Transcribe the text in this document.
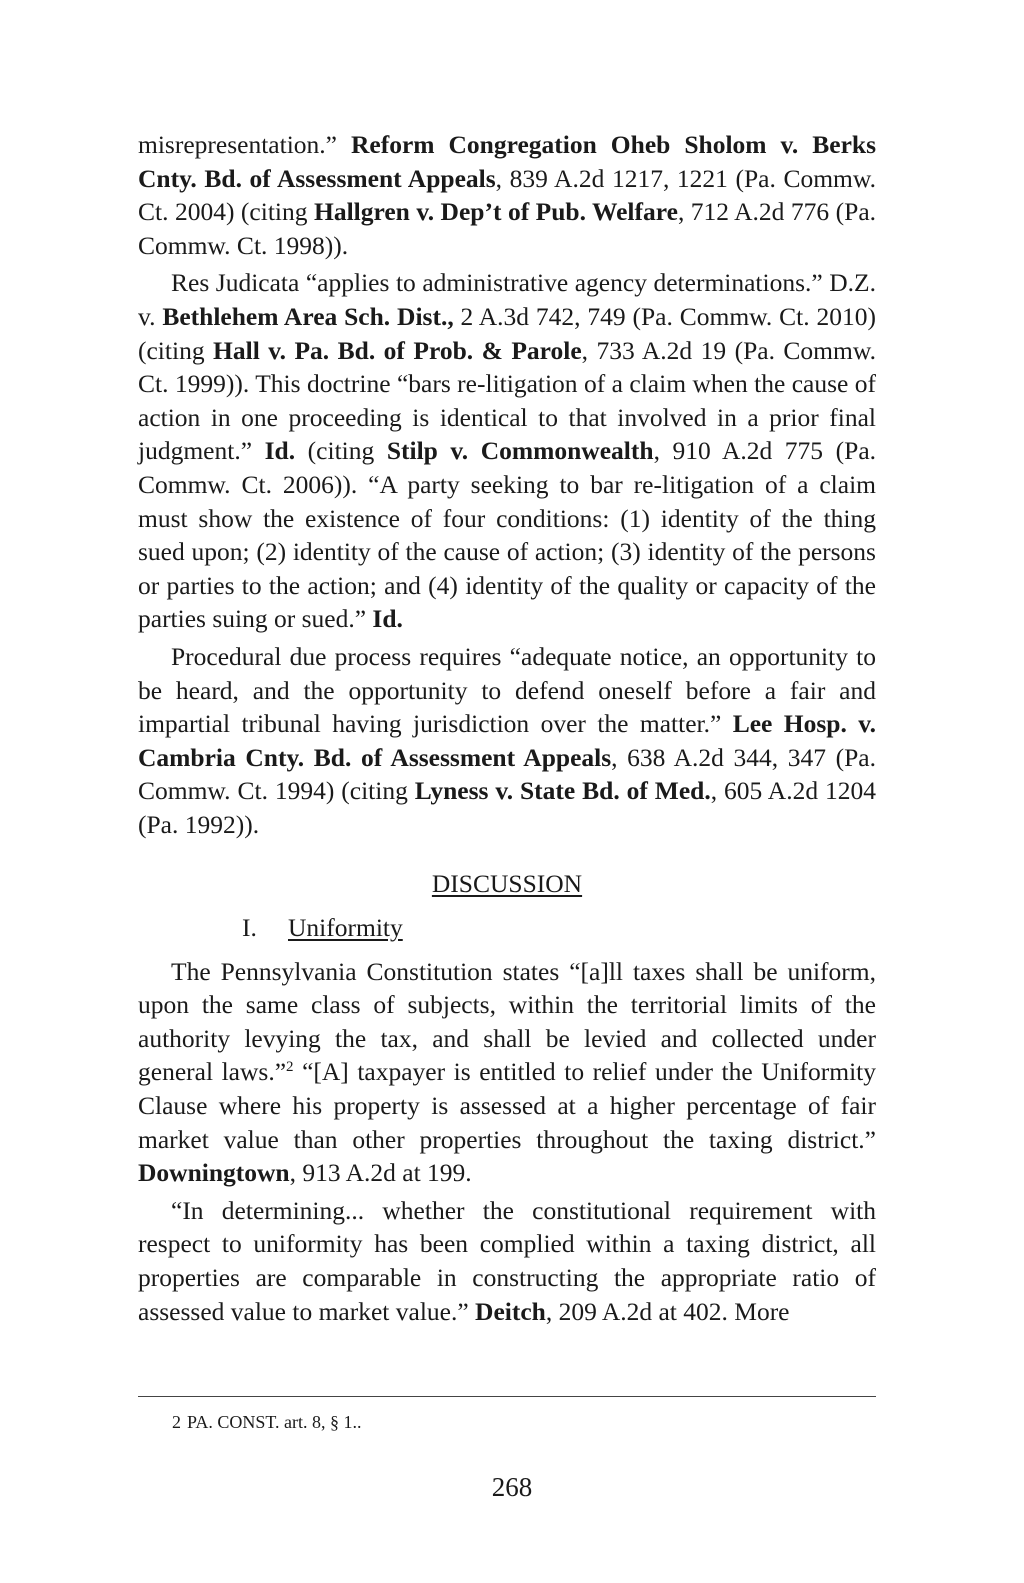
misrepresentation.” Reform Congregation Oheb Sholom v. Berks Cnty. Bd. of Assessment Appeals, 839 A.2d 1217, 1221 (Pa. Commw. Ct. 2004) (citing Hallgren v. Dep’t of Pub. Welfare, 712 A.2d 776 (Pa. Commw. Ct. 1998)).

Res Judicata “applies to administrative agency determinations.” D.Z. v. Bethlehem Area Sch. Dist., 2 A.3d 742, 749 (Pa. Commw. Ct. 2010) (citing Hall v. Pa. Bd. of Prob. & Parole, 733 A.2d 19 (Pa. Commw. Ct. 1999)). This doctrine “bars re-litigation of a claim when the cause of action in one proceeding is identical to that involved in a prior final judgment.” Id. (citing Stilp v. Commonwealth, 910 A.2d 775 (Pa. Commw. Ct. 2006)). “A party seeking to bar re-litigation of a claim must show the existence of four conditions: (1) identity of the thing sued upon; (2) identity of the cause of action; (3) identity of the persons or parties to the action; and (4) identity of the quality or capacity of the parties suing or sued.” Id.

Procedural due process requires “adequate notice, an opportunity to be heard, and the opportunity to defend oneself before a fair and impartial tribunal having jurisdiction over the matter.” Lee Hosp. v. Cambria Cnty. Bd. of Assessment Appeals, 638 A.2d 344, 347 (Pa. Commw. Ct. 1994) (citing Lyness v. State Bd. of Med., 605 A.2d 1204 (Pa. 1992)).

DISCUSSION
I. Uniformity

The Pennsylvania Constitution states “[a]ll taxes shall be uniform, upon the same class of subjects, within the territorial limits of the authority levying the tax, and shall be levied and collected under general laws.”$^2$ “[A] taxpayer is entitled to relief under the Uniformity Clause where his property is assessed at a higher percentage of fair market value than other properties throughout the taxing district.” Downingtown, 913 A.2d at 199.

“In determining... whether the constitutional requirement with respect to uniformity has been complied within a taxing district, all properties are comparable in constructing the appropriate ratio of assessed value to market value.” Deitch, 209 A.2d at 402. More

2 PA. CONST. art. 8, § 1..
268
